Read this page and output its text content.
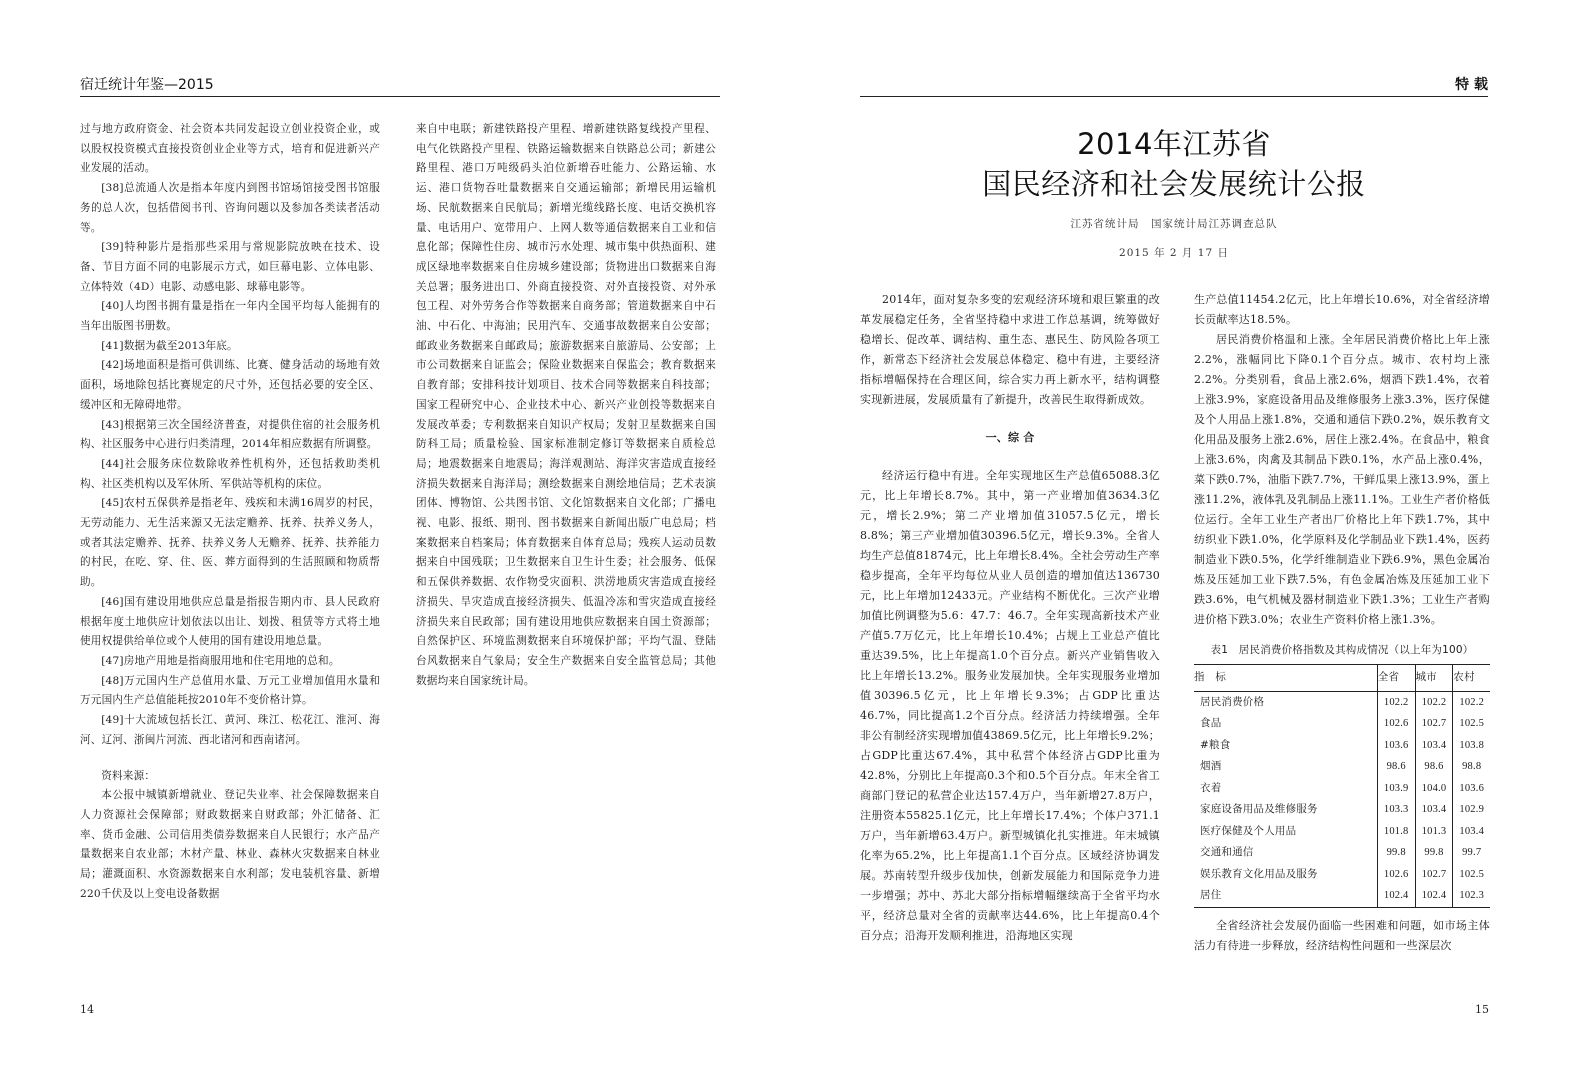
宿迁统计年鉴—2015

过与地方政府资金、社会资本共同发起设立创业投资企业，或以股权投资模式直接投资创业企业等方式，培育和促进新兴产业发展的活动。

[38]总流通人次是指本年度内到图书馆场馆接受图书馆服务的总人次，包括借阅书刊、咨询问题以及参加各类读者活动等。

[39]特种影片是指那些采用与常规影院放映在技术、设备、节目方面不同的电影展示方式，如巨幕电影、立体电影、立体特效（4D）电影、动感电影、球幕电影等。

[40]人均图书拥有量是指在一年内全国平均每人能拥有的当年出版图书册数。

[41]数据为截至2013年底。

[42]场地面积是指可供训练、比赛、健身活动的场地有效面积，场地除包括比赛规定的尺寸外，还包括必要的安全区、缓冲区和无障碍地带。

[43]根据第三次全国经济普查，对提供住宿的社会服务机构、社区服务中心进行归类清理，2014年相应数据有所调整。

[44]社会服务床位数除收养性机构外，还包括救助类机构、社区类机构以及军休所、军供站等机构的床位。

[45]农村五保供养是指老年、残疾和未满16周岁的村民，无劳动能力、无生活来源又无法定赡养、抚养、扶养义务人，或者其法定赡养、抚养、扶养义务人无赡养、抚养、扶养能力的村民，在吃、穿、住、医、葬方面得到的生活照顾和物质帮助。

[46]国有建设用地供应总量是指报告期内市、县人民政府根据年度土地供应计划依法以出让、划拨、租赁等方式将土地使用权提供给单位或个人使用的国有建设用地总量。

[47]房地产用地是指商服用地和住宅用地的总和。

[48]万元国内生产总值用水量、万元工业增加值用水量和万元国内生产总值能耗按2010年不变价格计算。

[49]十大流域包括长江、黄河、珠江、松花江、淮河、海河、辽河、浙闽片河流、西北诸河和西南诸河。

资料来源：

本公报中城镇新增就业、登记失业率、社会保障数据来自人力资源社会保障部；财政数据来自财政部；外汇储备、汇率、货币金融、公司信用类债券数据来自人民银行；水产品产量数据来自农业部；木材产量、林业、森林火灾数据来自林业局；灌溉面积、水资源数据来自水利部；发电装机容量、新增220千伏及以上变电设备数据

来自中电联；新建铁路投产里程、增新建铁路复线投产里程、电气化铁路投产里程、铁路运输数据来自铁路总公司；新建公路里程、港口万吨级码头泊位新增吞吐能力、公路运输、水运、港口货物吞吐量数据来自交通运输部；新增民用运输机场、民航数据来自民航局；新增光缆线路长度、电话交换机容量、电话用户、宽带用户、上网人数等通信数据来自工业和信息化部；保障性住房、城市污水处理、城市集中供热面积、建成区绿地率数据来自住房城乡建设部；货物进出口数据来自海关总署；服务进出口、外商直接投资、对外直接投资、对外承包工程、对外劳务合作等数据来自商务部；管道数据来自中石油、中石化、中海油；民用汽车、交通事故数据来自公安部；邮政业务数据来自邮政局；旅游数据来自旅游局、公安部；上市公司数据来自证监会；保险业数据来自保监会；教育数据来自教育部；安排科技计划项目、技术合同等数据来自科技部；国家工程研究中心、企业技术中心、新兴产业创投等数据来自发展改革委；专利数据来自知识产权局；发射卫星数据来自国防科工局；质量检验、国家标准制定修订等数据来自质检总局；地震数据来自地震局；海洋观测站、海洋灾害造成直接经济损失数据来自海洋局；测绘数据来自测绘地信局；艺术表演团体、博物馆、公共图书馆、文化馆数据来自文化部；广播电视、电影、报纸、期刊、图书数据来自新闻出版广电总局；档案数据来自档案局；体育数据来自体育总局；残疾人运动员数据来自中国残联；卫生数据来自卫生计生委；社会服务、低保和五保供养数据、农作物受灾面积、洪涝地质灾害造成直接经济损失、旱灾造成直接经济损失、低温冷冻和雪灾造成直接经济损失来自民政部；国有建设用地供应数据来自国土资源部；自然保护区、环境监测数据来自环境保护部；平均气温、登陆台风数据来自气象局；安全生产数据来自安全监管总局；其他数据均来自国家统计局。

14
特 载
2014年江苏省
国民经济和社会发展统计公报
江苏省统计局　国家统计局江苏调查总队
2015 年 2 月 17 日

2014年，面对复杂多变的宏观经济环境和艰巨繁重的改革发展稳定任务，全省坚持稳中求进工作总基调，统筹做好稳增长、促改革、调结构、重生态、惠民生、防风险各项工作，新常态下经济社会发展总体稳定、稳中有进，主要经济指标增幅保持在合理区间，综合实力再上新水平，结构调整实现新进展，发展质量有了新提升，改善民生取得新成效。

一、综 合

经济运行稳中有进。全年实现地区生产总值65088.3亿元，比上年增长8.7%。其中，第一产业增加值3634.3亿元，增长2.9%；第二产业增加值31057.5亿元，增长8.8%；第三产业增加值30396.5亿元，增长9.3%。全省人均生产总值81874元，比上年增长8.4%。全社会劳动生产率稳步提高，全年平均每位从业人员创造的增加值达136730元，比上年增加12433元。产业结构不断优化。三次产业增加值比例调整为5.6：47.7：46.7。全年实现高新技术产业产值5.7万亿元，比上年增长10.4%；占规上工业总产值比重达39.5%，比上年提高1.0个百分点。新兴产业销售收入比上年增长13.2%。服务业发展加快。全年实现服务业增加值30396.5亿元，比上年增长9.3%；占GDP比重达46.7%，同比提高1.2个百分点。经济活力持续增强。全年非公有制经济实现增加值43869.5亿元，比上年增长9.2%；占GDP比重达67.4%，其中私营个体经济占GDP比重为42.8%，分别比上年提高0.3个和0.5个百分点。年末全省工商部门登记的私营企业达157.4万户，当年新增27.8万户，注册资本55825.1亿元，比上年增长17.4%；个体户371.1万户，当年新增63.4万户。新型城镇化扎实推进。年末城镇化率为65.2%，比上年提高1.1个百分点。区域经济协调发展。苏南转型升级步伐加快，创新发展能力和国际竞争力进一步增强；苏中、苏北大部分指标增幅继续高于全省平均水平，经济总量对全省的贡献率达44.6%，比上年提高0.4个百分点；沿海开发顺利推进，沿海地区实现

生产总值11454.2亿元，比上年增长10.6%，对全省经济增长贡献率达18.5%。

居民消费价格温和上涨。全年居民消费价格比上年上涨2.2%，涨幅同比下降0.1个百分点。城市、农村均上涨2.2%。分类别看，食品上涨2.6%，烟酒下跌1.4%，衣着上涨3.9%，家庭设备用品及维修服务上涨3.3%，医疗保健及个人用品上涨1.8%，交通和通信下跌0.2%，娱乐教育文化用品及服务上涨2.6%，居住上涨2.4%。在食品中，粮食上涨3.6%，肉禽及其制品下跌0.1%，水产品上涨0.4%，菜下跌0.7%，油脂下跌7.7%，干鲜瓜果上涨13.9%，蛋上涨11.2%，液体乳及乳制品上涨11.1%。工业生产者价格低位运行。全年工业生产者出厂价格比上年下跌1.7%，其中纺织业下跌1.0%，化学原料及化学制品业下跌1.4%，医药制造业下跌0.5%，化学纤维制造业下跌6.9%，黑色金属冶炼及压延加工业下跌7.5%，有色金属冶炼及压延加工业下跌3.6%，电气机械及器材制造业下跌1.3%；工业生产者购进价格下跌3.0%；农业生产资料价格上涨1.3%。

表1　居民消费价格指数及其构成情况（以上年为100）
指　标	全省	城市	农村
居民消费价格	102.2	102.2	102.2
食品	102.6	102.7	102.5
#粮食	103.6	103.4	103.8
烟酒	98.6	98.6	98.8
衣着	103.9	104.0	103.6
家庭设备用品及维修服务	103.3	103.4	102.9
医疗保健及个人用品	101.8	101.3	103.4
交通和通信	99.8	99.8	99.7
娱乐教育文化用品及服务	102.6	102.7	102.5
居住	102.4	102.4	102.3

全省经济社会发展仍面临一些困难和问题，如市场主体活力有待进一步释放，经济结构性问题和一些深层次

15
